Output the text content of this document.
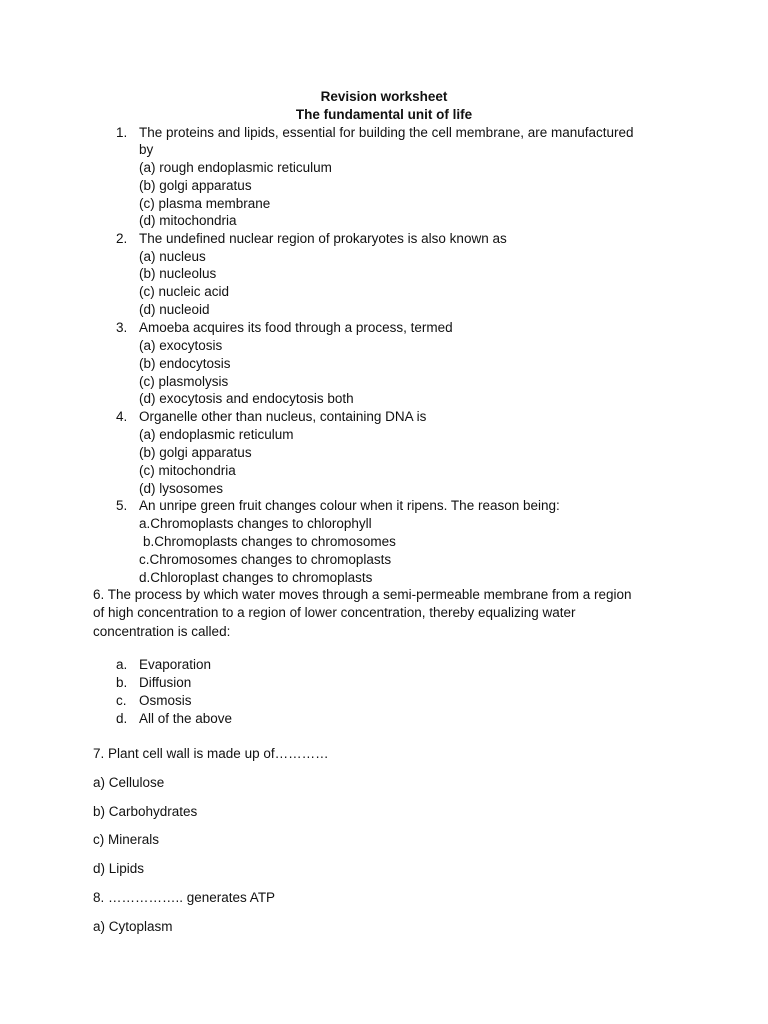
Revision worksheet
The fundamental unit of life
1. The proteins and lipids, essential for building the cell membrane, are manufactured
by
(a) rough endoplasmic reticulum
(b) golgi apparatus
(c) plasma membrane
(d) mitochondria
2. The undefined nuclear region of prokaryotes is also known as
(a) nucleus
(b) nucleolus
(c) nucleic acid
(d) nucleoid
3. Amoeba acquires its food through a process, termed
(a) exocytosis
(b) endocytosis
(c) plasmolysis
(d) exocytosis and endocytosis both
4. Organelle other than nucleus, containing DNA is
(a) endoplasmic reticulum
(b) golgi apparatus
(c) mitochondria
(d) lysosomes
5. An unripe green fruit changes colour when it ripens. The reason being:
a.Chromoplasts changes to chlorophyll
b.Chromoplasts changes to chromosomes
c.Chromosomes changes to chromoplasts
d.Chloroplast changes to chromoplasts
6. The process by which water moves through a semi-permeable membrane from a region
of high concentration to a region of lower concentration, thereby equalizing water
concentration is called:
a. Evaporation
b. Diffusion
c. Osmosis
d. All of the above
7. Plant cell wall is made up of…………
a) Cellulose
b) Carbohydrates
c) Minerals
d) Lipids
8. …………….. generates ATP
a) Cytoplasm
